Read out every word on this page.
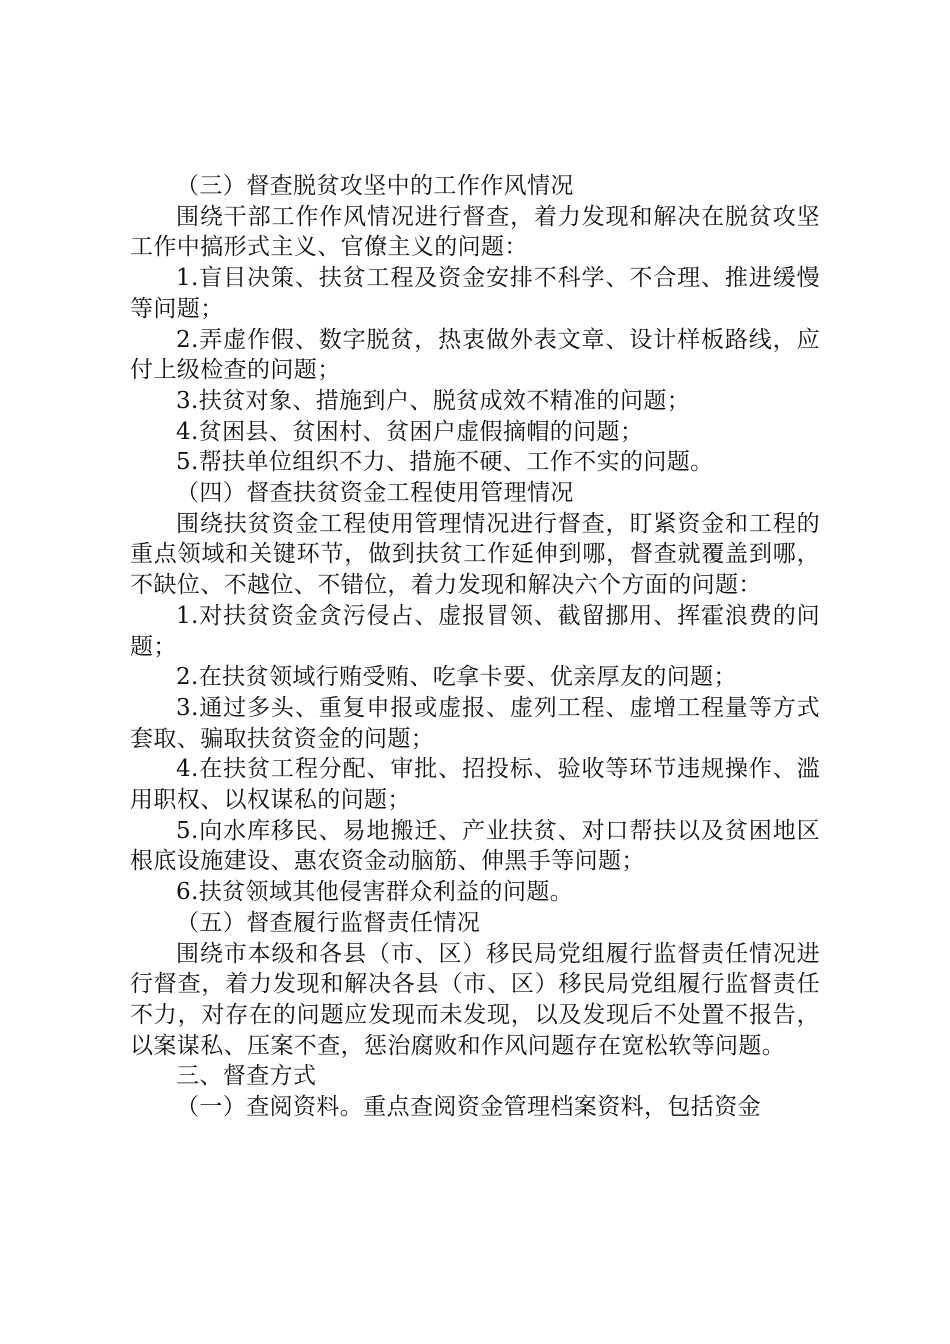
（三）督查脱贫攻坚中的工作作风情况

围绕干部工作作风情况进行督查，着力发现和解决在脱贫攻坚工作中搞形式主义、官僚主义的问题：

1.盲目决策、扶贫工程及资金安排不科学、不合理、推进缓慢等问题；

2.弄虚作假、数字脱贫，热衷做外表文章、设计样板路线，应付上级检查的问题；

3.扶贫对象、措施到户、脱贫成效不精准的问题；

4.贫困县、贫困村、贫困户虚假摘帽的问题；

5.帮扶单位组织不力、措施不硬、工作不实的问题。

（四）督查扶贫资金工程使用管理情况

围绕扶贫资金工程使用管理情况进行督查，盯紧资金和工程的重点领域和关键环节，做到扶贫工作延伸到哪，督查就覆盖到哪，不缺位、不越位、不错位，着力发现和解决六个方面的问题：

1.对扶贫资金贪污侵占、虚报冒领、截留挪用、挥霍浪费的问题；

2.在扶贫领域行贿受贿、吃拿卡要、优亲厚友的问题；

3.通过多头、重复申报或虚报、虚列工程、虚增工程量等方式套取、骗取扶贫资金的问题；

4.在扶贫工程分配、审批、招投标、验收等环节违规操作、滥用职权、以权谋私的问题；

5.向水库移民、易地搬迁、产业扶贫、对口帮扶以及贫困地区根底设施建设、惠农资金动脑筋、伸黑手等问题；

6.扶贫领域其他侵害群众利益的问题。

（五）督查履行监督责任情况

围绕市本级和各县（市、区）移民局党组履行监督责任情况进行督查，着力发现和解决各县（市、区）移民局党组履行监督责任不力，对存在的问题应发现而未发现，以及发现后不处置不报告，以案谋私、压案不查，惩治腐败和作风问题存在宽松软等问题。

三、督查方式

（一）查阅资料。重点查阅资金管理档案资料，包括资金
